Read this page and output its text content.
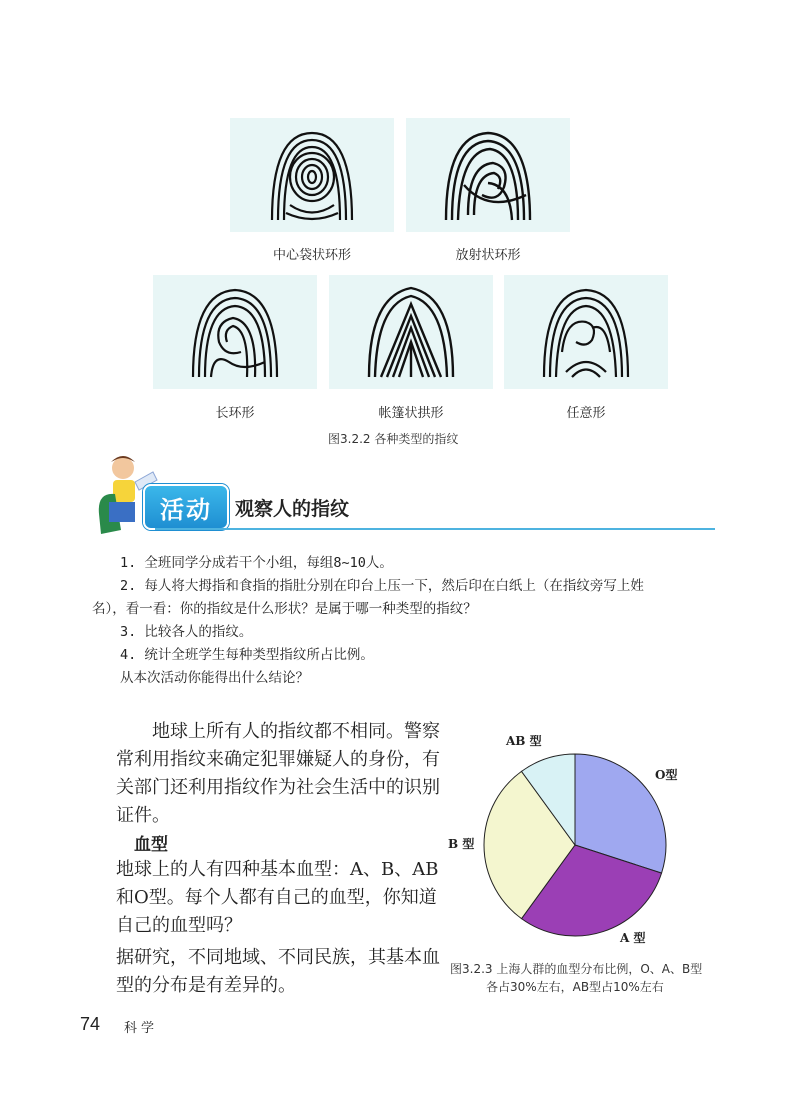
中心袋状环形	放射状环形
长环形	帐篷状拱形	任意形
图3.2.2 各种类型的指纹
活动	观察人的指纹

1. 全班同学分成若干个小组，每组8~10人。

2. 每人将大拇指和食指的指肚分别在印台上压一下，然后印在白纸上（在指纹旁写上姓

名），看一看：你的指纹是什么形状？是属于哪一种类型的指纹？

3. 比较各人的指纹。

4. 统计全班学生每种类型指纹所占比例。

从本次活动你能得出什么结论？

地球上所有人的指纹都不相同。警察常利用指纹来确定犯罪嫌疑人的身份，有关部门还利用指纹作为社会生活中的识别证件。
血型
地球上的人有四种基本血型：A、B、AB和O型。每个人都有自己的血型，你知道自己的血型吗？
据研究，不同地域、不同民族，其基本血型的分布是有差异的。
O型
A 型
B 型
AB 型
图3.2.3 上海人群的血型分布比例，O、A、B型
各占30%左右，AB型占10%左右
74 科学
